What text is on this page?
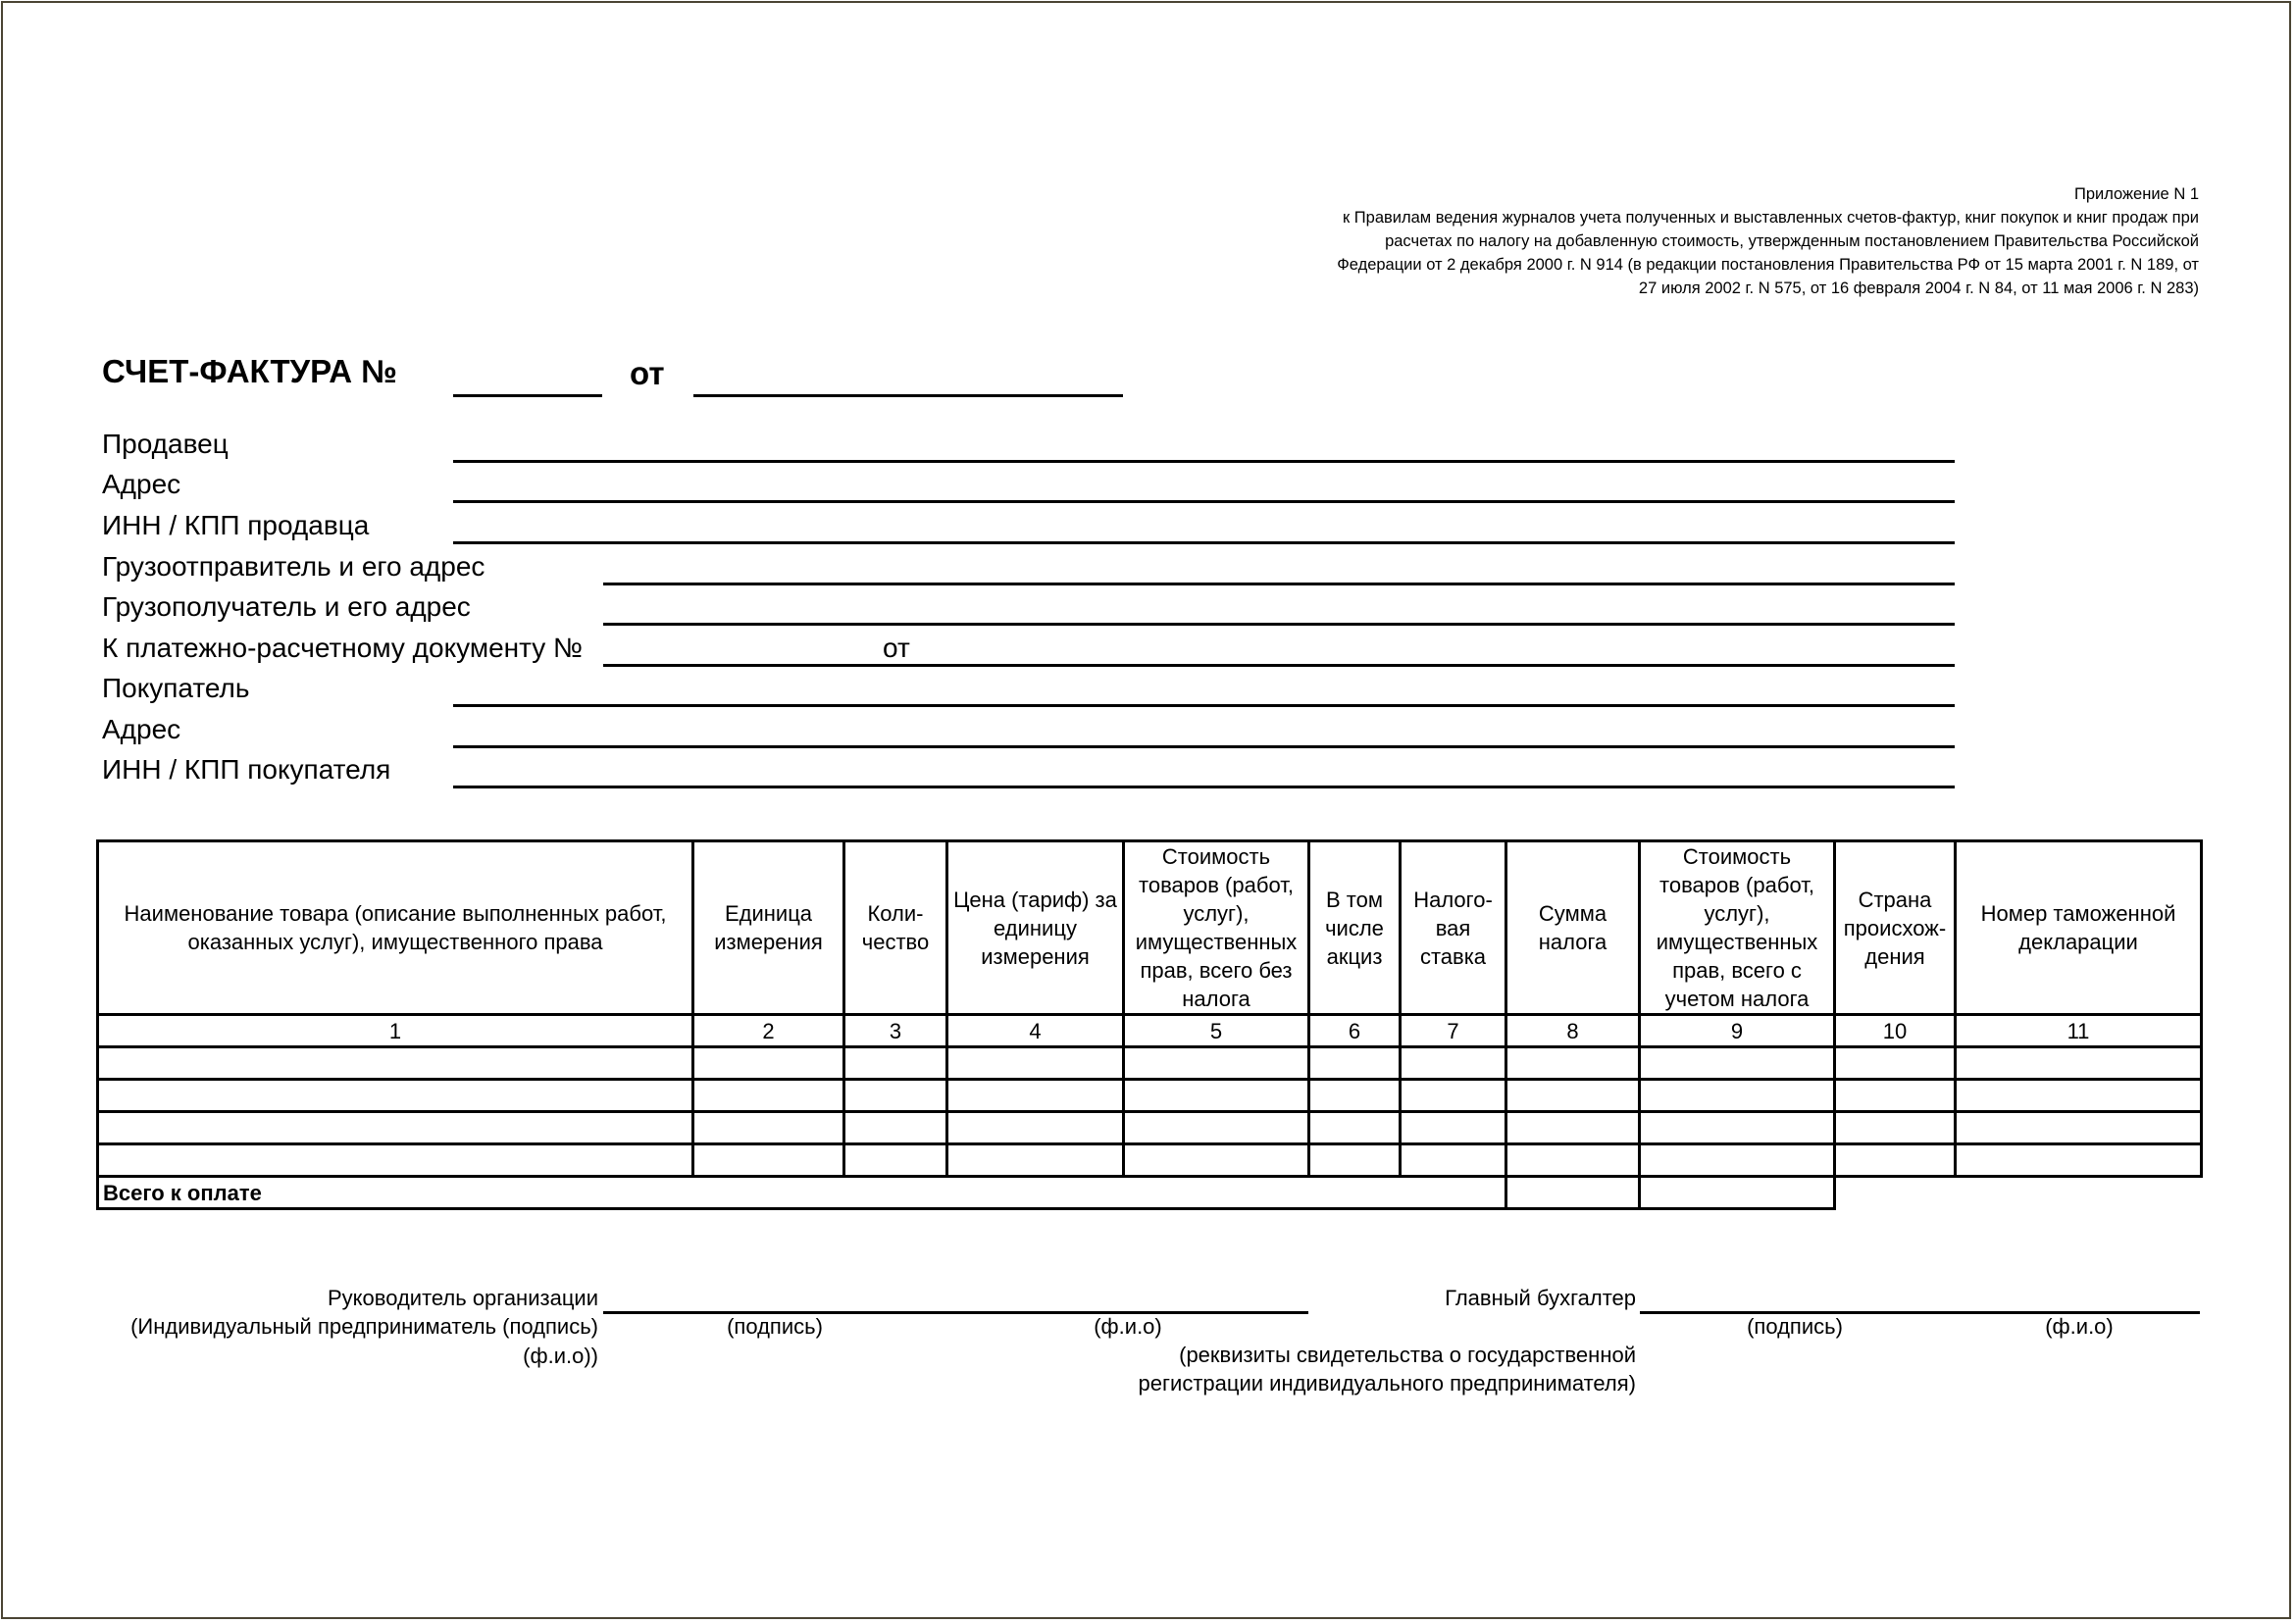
Приложение N 1
к Правилам ведения журналов учета полученных и выставленных счетов-фактур, книг покупок и книг продаж при
расчетах по налогу на добавленную стоимость, утвержденным постановлением Правительства Российской
Федерации от 2 декабря 2000 г. N 914 (в редакции постановления Правительства РФ от 15 марта 2001 г. N 189, от
27 июля 2002 г. N 575, от 16 февраля 2004 г. N 84, от 11 мая 2006 г. N 283)
СЧЕТ-ФАКТУРА №	от
Продавец
Адрес
ИНН / КПП продавца
Грузоотправитель и его адрес
Грузополучатель и его адрес
К платежно-расчетному документу №	от
Покупатель
Адрес
ИНН / КПП покупателя
Наименование товара (описание выполненных работ, оказанных услуг), имущественного права	Единица измерения	Коли-чество	Цена (тариф) за единицу измерения	Стоимость товаров (работ, услуг), имущественных прав, всего без налога	В том числе акциз	Налого-вая ставка	Сумма налога	Стоимость товаров (работ, услуг), имущественных прав, всего с учетом налога	Страна происхож-дения	Номер таможенной декларации
1	2	3	4	5	6	7	8	9	10	11

Всего к оплате										
Руководитель организации
(Индивидуальный предприниматель (подпись)
(ф.и.о))
(подпись)	(ф.и.о)
Главный бухгалтер
(подпись)	(ф.и.о)
(реквизиты свидетельства о государственной
регистрации индивидуального предпринимателя)
